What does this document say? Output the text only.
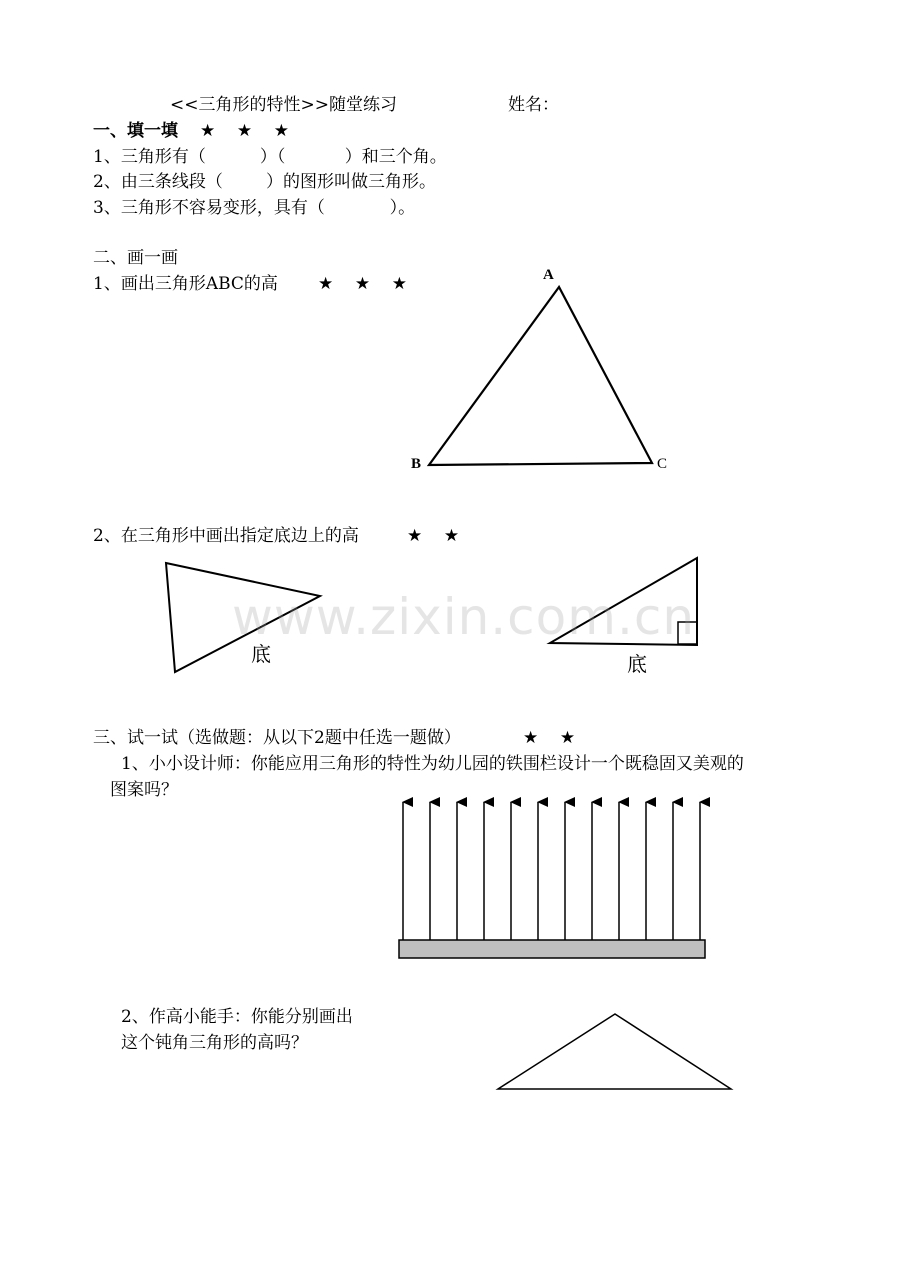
<<三角形的特性>>随堂练习	姓名：
一、填一填 ★    ★    ★
1、三角形有（          ）（           ）和三个角。
2、由三条线段（        ）的图形叫做三角形。
3、三角形不容易变形，具有（            ）。
二、画一画
1、画出三角形ABC的高 ★    ★    ★	A
B	C
2、在三角形中画出指定底边上的高	★    ★
底	底
三、试一试（选做题：从以下2题中任选一题做）	★    ★
1、小小设计师：你能应用三角形的特性为幼儿园的铁围栏设计一个既稳固又美观的
图案吗？
2、作高小能手：你能分别画出
这个钝角三角形的高吗？
www.zixin.com.cn
